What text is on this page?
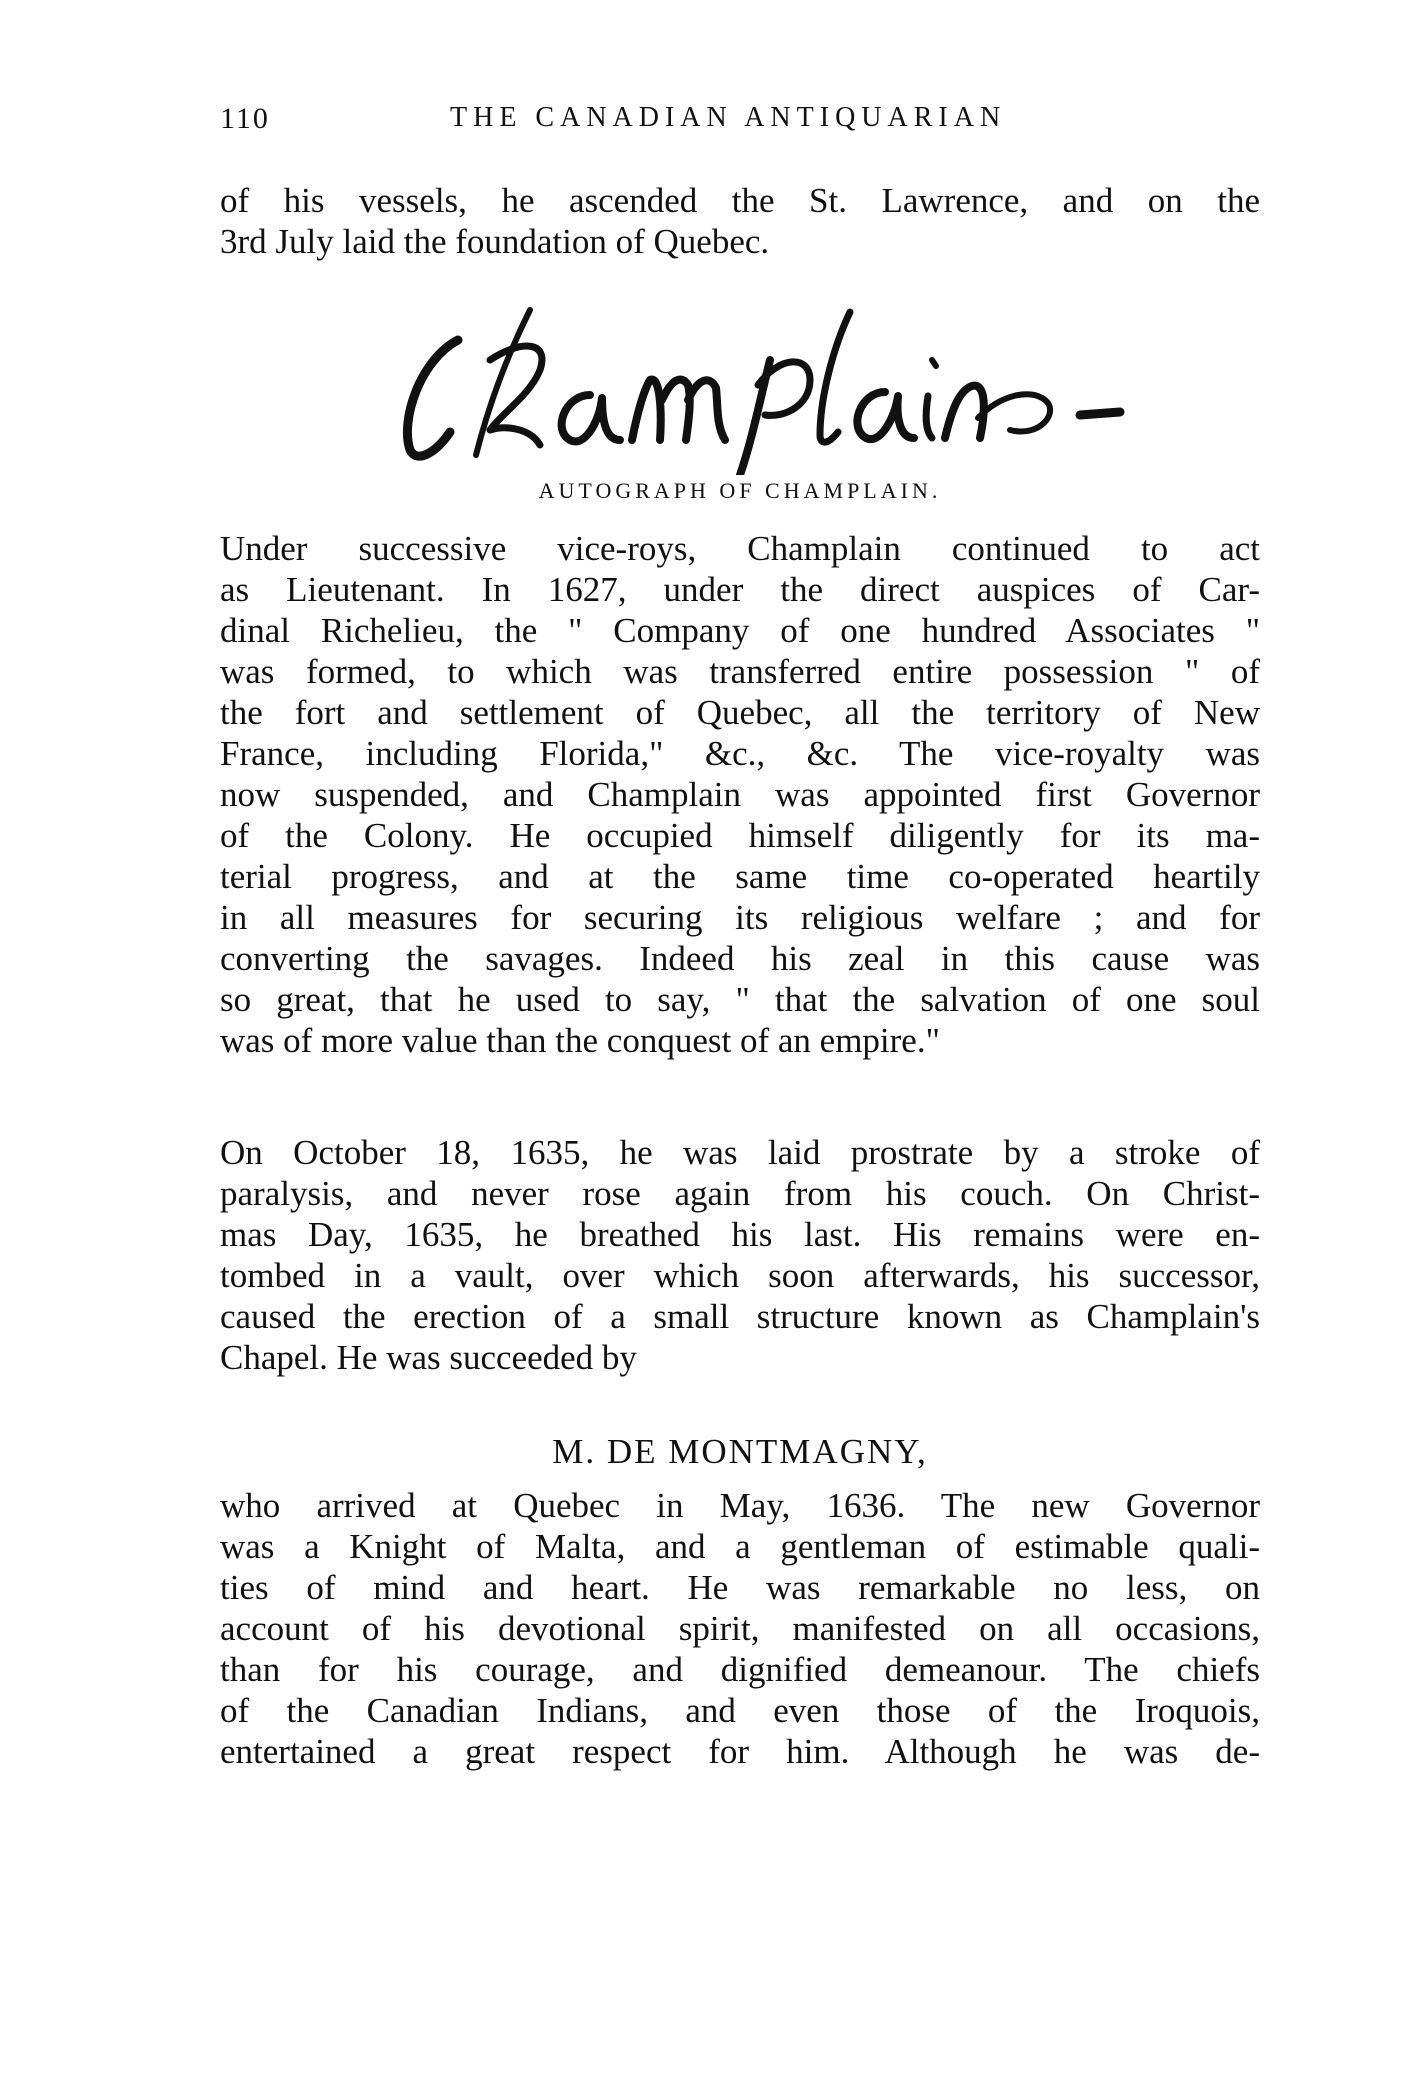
110	THE CANADIAN ANTIQUARIAN
of his vessels, he ascended the St. Lawrence, and on the
3rd July laid the foundation of Quebec.
AUTOGRAPH OF CHAMPLAIN.
Under successive vice-roys, Champlain continued to act
as Lieutenant. In 1627, under the direct auspices of Car-
dinal Richelieu, the " Company of one hundred Associates "
was formed, to which was transferred entire possession " of
the fort and settlement of Quebec, all the territory of New
France, including Florida," &c., &c. The vice-royalty was
now suspended, and Champlain was appointed first Governor
of the Colony. He occupied himself diligently for its ma-
terial progress, and at the same time co-operated heartily
in all measures for securing its religious welfare ; and for
converting the savages. Indeed his zeal in this cause was
so great, that he used to say, " that the salvation of one soul
was of more value than the conquest of an empire."
On October 18, 1635, he was laid prostrate by a stroke of
paralysis, and never rose again from his couch. On Christ-
mas Day, 1635, he breathed his last. His remains were en-
tombed in a vault, over which soon afterwards, his successor,
caused the erection of a small structure known as Champlain's
Chapel. He was succeeded by
M. DE MONTMAGNY,
who arrived at Quebec in May, 1636. The new Governor
was a Knight of Malta, and a gentleman of estimable quali-
ties of mind and heart. He was remarkable no less, on
account of his devotional spirit, manifested on all occasions,
than for his courage, and dignified demeanour. The chiefs
of the Canadian Indians, and even those of the Iroquois,
entertained a great respect for him. Although he was de-
